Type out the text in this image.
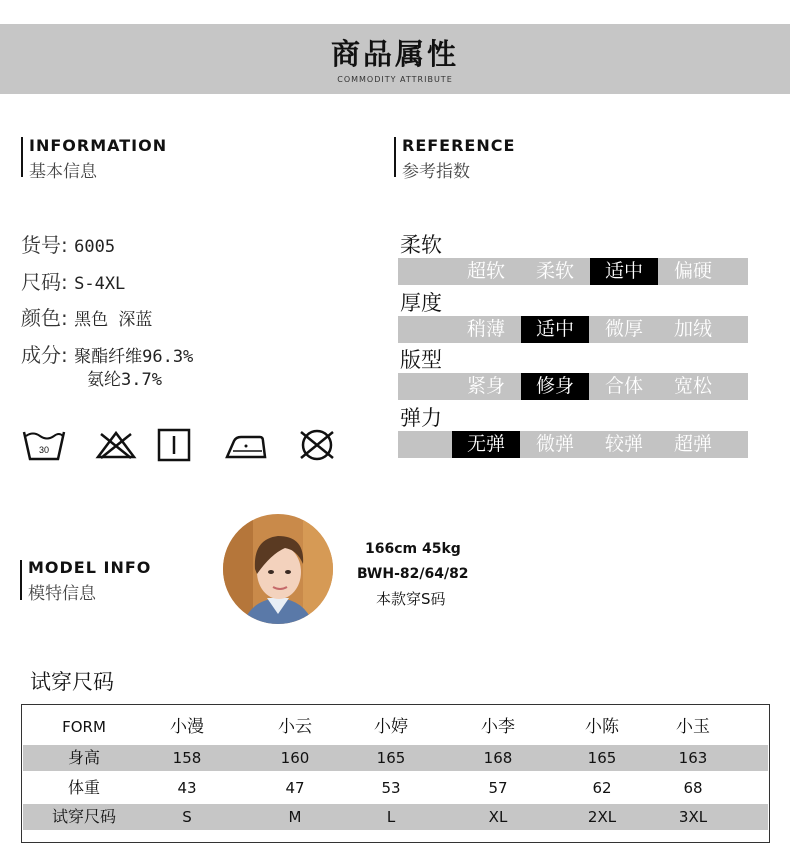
商品属性
COMMODITY ATTRIBUTE
INFORMATION
基本信息
REFERENCE
参考指数
货号: 6005
尺码: S-4XL
颜色: 黑色 深蓝
成分: 聚酯纤维96.3%
氨纶3.7%
30
柔软
超软	柔软	适中	偏硬
厚度
稍薄	适中	微厚	加绒
版型
紧身	修身	合体	宽松
弹力
无弹	微弹	较弹	超弹
MODEL INFO
模特信息
166cm 45kg
BWH-82/64/82
本款穿S码
试穿尺码
FORM	小漫	小云	小婷	小李	小陈	小玉
身高	158	160	165	168	165	163
体重	43	47	53	57	62	68
试穿尺码	S	M	L	XL	2XL	3XL
